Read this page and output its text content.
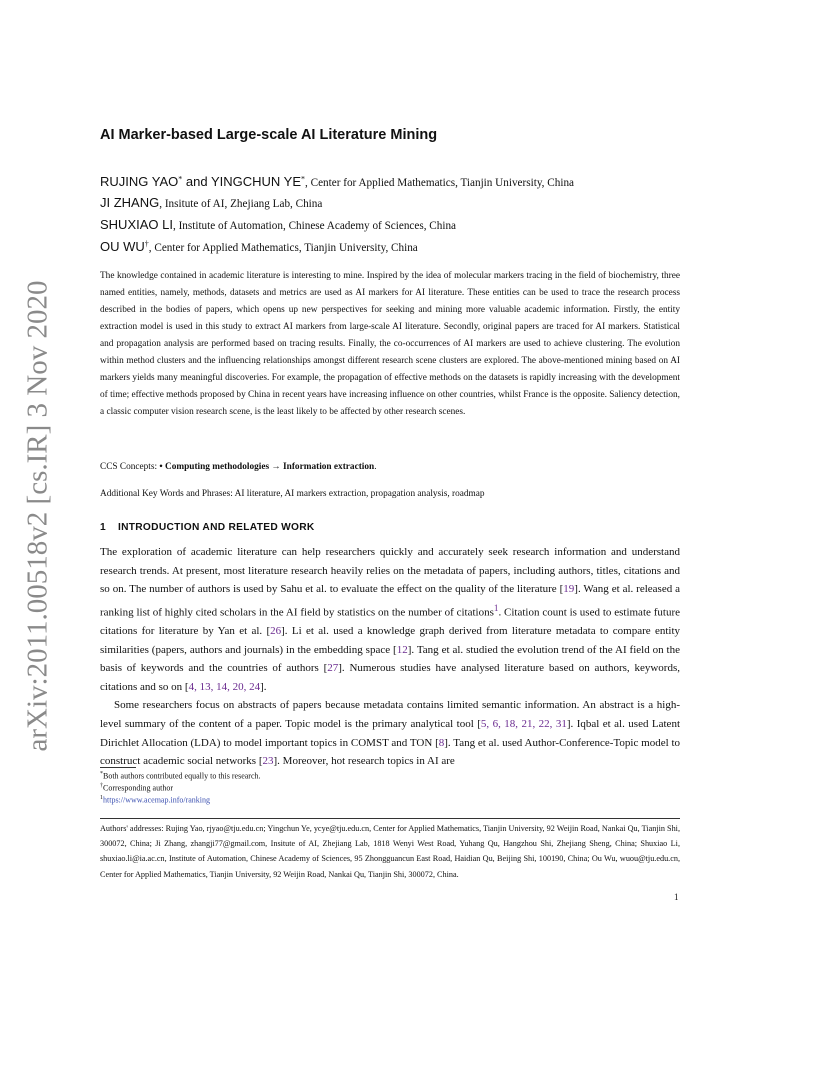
arXiv:2011.00518v2 [cs.IR] 3 Nov 2020
AI Marker-based Large-scale AI Literature Mining
RUJING YAO* and YINGCHUN YE*, Center for Applied Mathematics, Tianjin University, China
JI ZHANG, Insitute of AI, Zhejiang Lab, China
SHUXIAO LI, Institute of Automation, Chinese Academy of Sciences, China
OU WU†, Center for Applied Mathematics, Tianjin University, China

The knowledge contained in academic literature is interesting to mine. Inspired by the idea of molecular markers tracing in the field of biochemistry, three named entities, namely, methods, datasets and metrics are used as AI markers for AI literature. These entities can be used to trace the research process described in the bodies of papers, which opens up new perspectives for seeking and mining more valuable academic information. Firstly, the entity extraction model is used in this study to extract AI markers from large-scale AI literature. Secondly, original papers are traced for AI markers. Statistical and propagation analysis are performed based on tracing results. Finally, the co-occurrences of AI markers are used to achieve clustering. The evolution within method clusters and the influencing relationships amongst different research scene clusters are explored. The above-mentioned mining based on AI markers yields many meaningful discoveries. For example, the propagation of effective methods on the datasets is rapidly increasing with the development of time; effective methods proposed by China in recent years have increasing influence on other countries, whilst France is the opposite. Saliency detection, a classic computer vision research scene, is the least likely to be affected by other research scenes.

CCS Concepts: • Computing methodologies → Information extraction.
Additional Key Words and Phrases: AI literature, AI markers extraction, propagation analysis, roadmap
1 INTRODUCTION AND RELATED WORK

The exploration of academic literature can help researchers quickly and accurately seek research information and understand research trends. At present, most literature research heavily relies on the metadata of papers, including authors, titles, citations and so on. The number of authors is used by Sahu et al. to evaluate the effect on the quality of the literature [19]. Wang et al. released a ranking list of highly cited scholars in the AI field by statistics on the number of citations$^1$. Citation count is used to estimate future citations for literature by Yan et al. [26]. Li et al. used a knowledge graph derived from literature metadata to compare entity similarities (papers, authors and journals) in the embedding space [12]. Tang et al. studied the evolution trend of the AI field on the basis of keywords and the countries of authors [27]. Numerous studies have analysed literature based on authors, keywords, citations and so on [4, 13, 14, 20, 24].

Some researchers focus on abstracts of papers because metadata contains limited semantic information. An abstract is a high-level summary of the content of a paper. Topic model is the primary analytical tool [5, 6, 18, 21, 22, 31]. Iqbal et al. used Latent Dirichlet Allocation (LDA) to model important topics in COMST and TON [8]. Tang et al. used Author-Conference-Topic model to construct academic social networks [23]. Moreover, hot research topics in AI are

*Both authors contributed equally to this research.
†Corresponding author
$^1$https://www.acemap.info/ranking
Authors' addresses: Rujing Yao, rjyao@tju.edu.cn; Yingchun Ye, ycye@tju.edu.cn, Center for Applied Mathematics, Tianjin University, 92 Weijin Road, Nankai Qu, Tianjin Shi, 300072, China; Ji Zhang, zhangji77@gmail.com, Insitute of AI, Zhejiang Lab, 1818 Wenyi West Road, Yuhang Qu, Hangzhou Shi, Zhejiang Sheng, China; Shuxiao Li, shuxiao.li@ia.ac.cn, Institute of Automation, Chinese Academy of Sciences, 95 Zhongguancun East Road, Haidian Qu, Beijing Shi, 100190, China; Ou Wu, wuou@tju.edu.cn, Center for Applied Mathematics, Tianjin University, 92 Weijin Road, Nankai Qu, Tianjin Shi, 300072, China.
1
